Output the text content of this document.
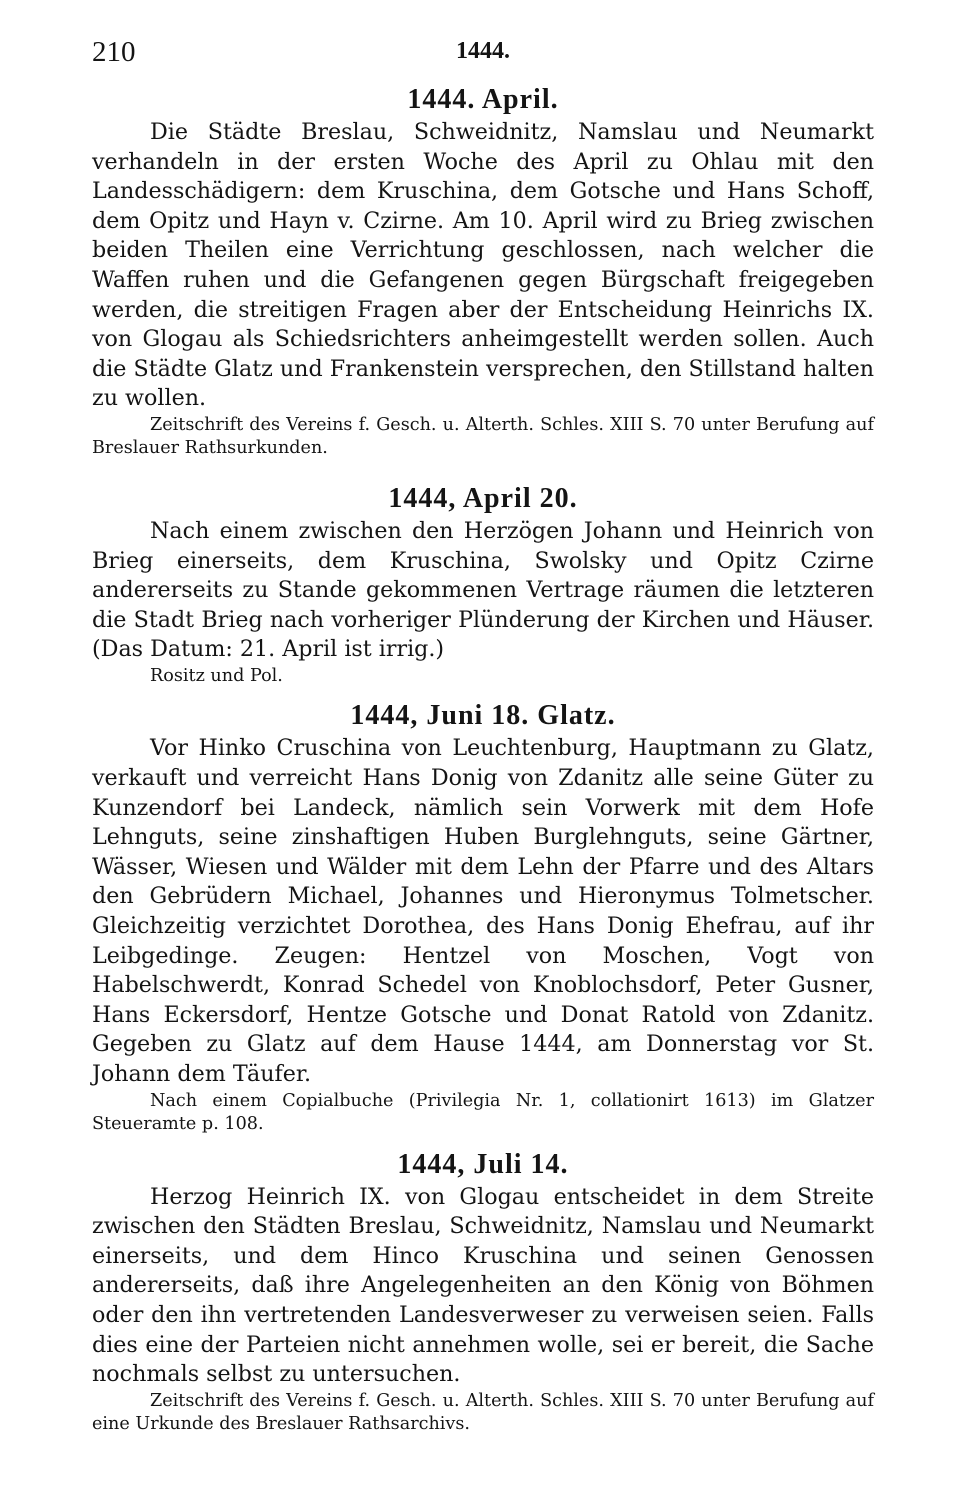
210	1444.
1444. April.

Die Städte Breslau, Schweidnitz, Namslau und Neumarkt verhandeln in der ersten Woche des April zu Ohlau mit den Landesschädigern: dem Kruschina, dem Gotsche und Hans Schoff, dem Opitz und Hayn v. Czirne. Am 10. April wird zu Brieg zwischen beiden Theilen eine Verrichtung geschlossen, nach welcher die Waffen ruhen und die Gefangenen gegen Bürgschaft freigegeben werden, die streitigen Fragen aber der Entscheidung Heinrichs IX. von Glogau als Schiedsrichters anheimgestellt werden sollen. Auch die Städte Glatz und Frankenstein versprechen, den Stillstand halten zu wollen.

Zeitschrift des Vereins f. Gesch. u. Alterth. Schles. XIII S. 70 unter Berufung auf Breslauer Rathsurkunden.

1444, April 20.

Nach einem zwischen den Herzögen Johann und Heinrich von Brieg einerseits, dem Kruschina, Swolsky und Opitz Czirne andererseits zu Stande gekommenen Vertrage räumen die letzteren die Stadt Brieg nach vorheriger Plünderung der Kirchen und Häuser. (Das Datum: 21. April ist irrig.)

Rositz und Pol.

1444, Juni 18. Glatz.

Vor Hinko Cruschina von Leuchtenburg, Hauptmann zu Glatz, verkauft und verreicht Hans Donig von Zdanitz alle seine Güter zu Kunzendorf bei Landeck, nämlich sein Vorwerk mit dem Hofe Lehnguts, seine zinshaftigen Huben Burglehnguts, seine Gärtner, Wässer, Wiesen und Wälder mit dem Lehn der Pfarre und des Altars den Gebrüdern Michael, Johannes und Hieronymus Tolmetscher. Gleichzeitig verzichtet Dorothea, des Hans Donig Ehefrau, auf ihr Leibgedinge. Zeugen: Hentzel von Moschen, Vogt von Habelschwerdt, Konrad Schedel von Knoblochsdorf, Peter Gusner, Hans Eckersdorf, Hentze Gotsche und Donat Ratold von Zdanitz. Gegeben zu Glatz auf dem Hause 1444, am Donnerstag vor St. Johann dem Täufer.

Nach einem Copialbuche (Privilegia Nr. 1, collationirt 1613) im Glatzer Steueramte p. 108.

1444, Juli 14.

Herzog Heinrich IX. von Glogau entscheidet in dem Streite zwischen den Städten Breslau, Schweidnitz, Namslau und Neumarkt einerseits, und dem Hinco Kruschina und seinen Genossen andererseits, daß ihre Angelegenheiten an den König von Böhmen oder den ihn vertretenden Landesverweser zu verweisen seien. Falls dies eine der Parteien nicht annehmen wolle, sei er bereit, die Sache nochmals selbst zu untersuchen.

Zeitschrift des Vereins f. Gesch. u. Alterth. Schles. XIII S. 70 unter Berufung auf eine Urkunde des Breslauer Rathsarchivs.
